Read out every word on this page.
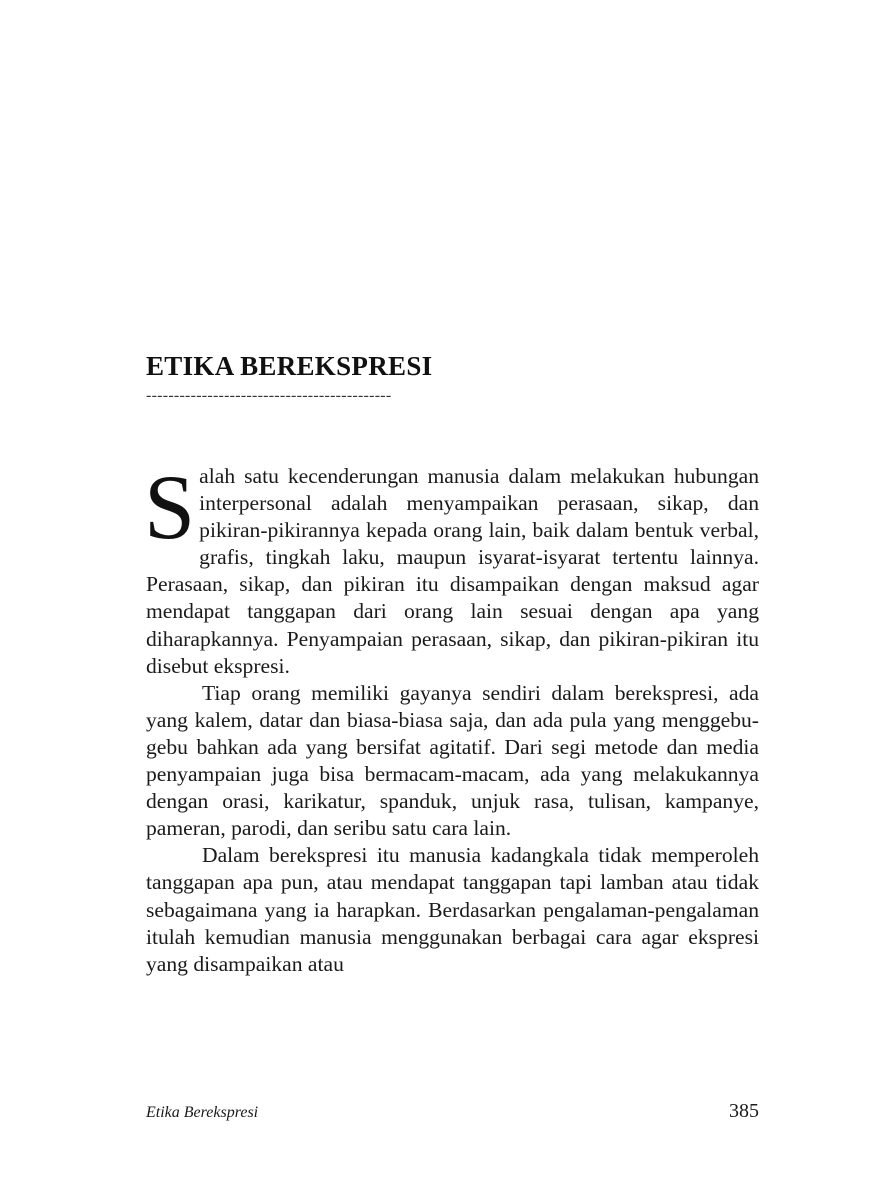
ETIKA BEREKSPRESI
--------------------------------------------

Salah satu kecenderungan manusia dalam melakukan hubungan interpersonal adalah menyampaikan perasaan, sikap, dan pikiran-pikirannya kepada orang lain, baik dalam bentuk verbal, grafis, tingkah laku, maupun isyarat-isyarat tertentu lainnya. Perasaan, sikap, dan pikiran itu disampaikan dengan maksud agar mendapat tanggapan dari orang lain sesuai dengan apa yang diharapkannya. Penyampaian perasaan, sikap, dan pikiran-pikiran itu disebut ekspresi.

Tiap orang memiliki gayanya sendiri dalam berekspresi, ada yang kalem, datar dan biasa-biasa saja, dan ada pula yang menggebu-gebu bahkan ada yang bersifat agitatif. Dari segi metode dan media penyampaian juga bisa bermacam-macam, ada yang melakukannya dengan orasi, karikatur, spanduk, unjuk rasa, tulisan, kampanye, pameran, parodi, dan seribu satu cara lain.

Dalam berekspresi itu manusia kadangkala tidak memperoleh tanggapan apa pun, atau mendapat tanggapan tapi lamban atau tidak sebagaimana yang ia harapkan. Berdasarkan pengalaman-pengalaman itulah kemudian manusia menggunakan berbagai cara agar ekspresi yang disampaikan atau

Etika Berekspresi	385
